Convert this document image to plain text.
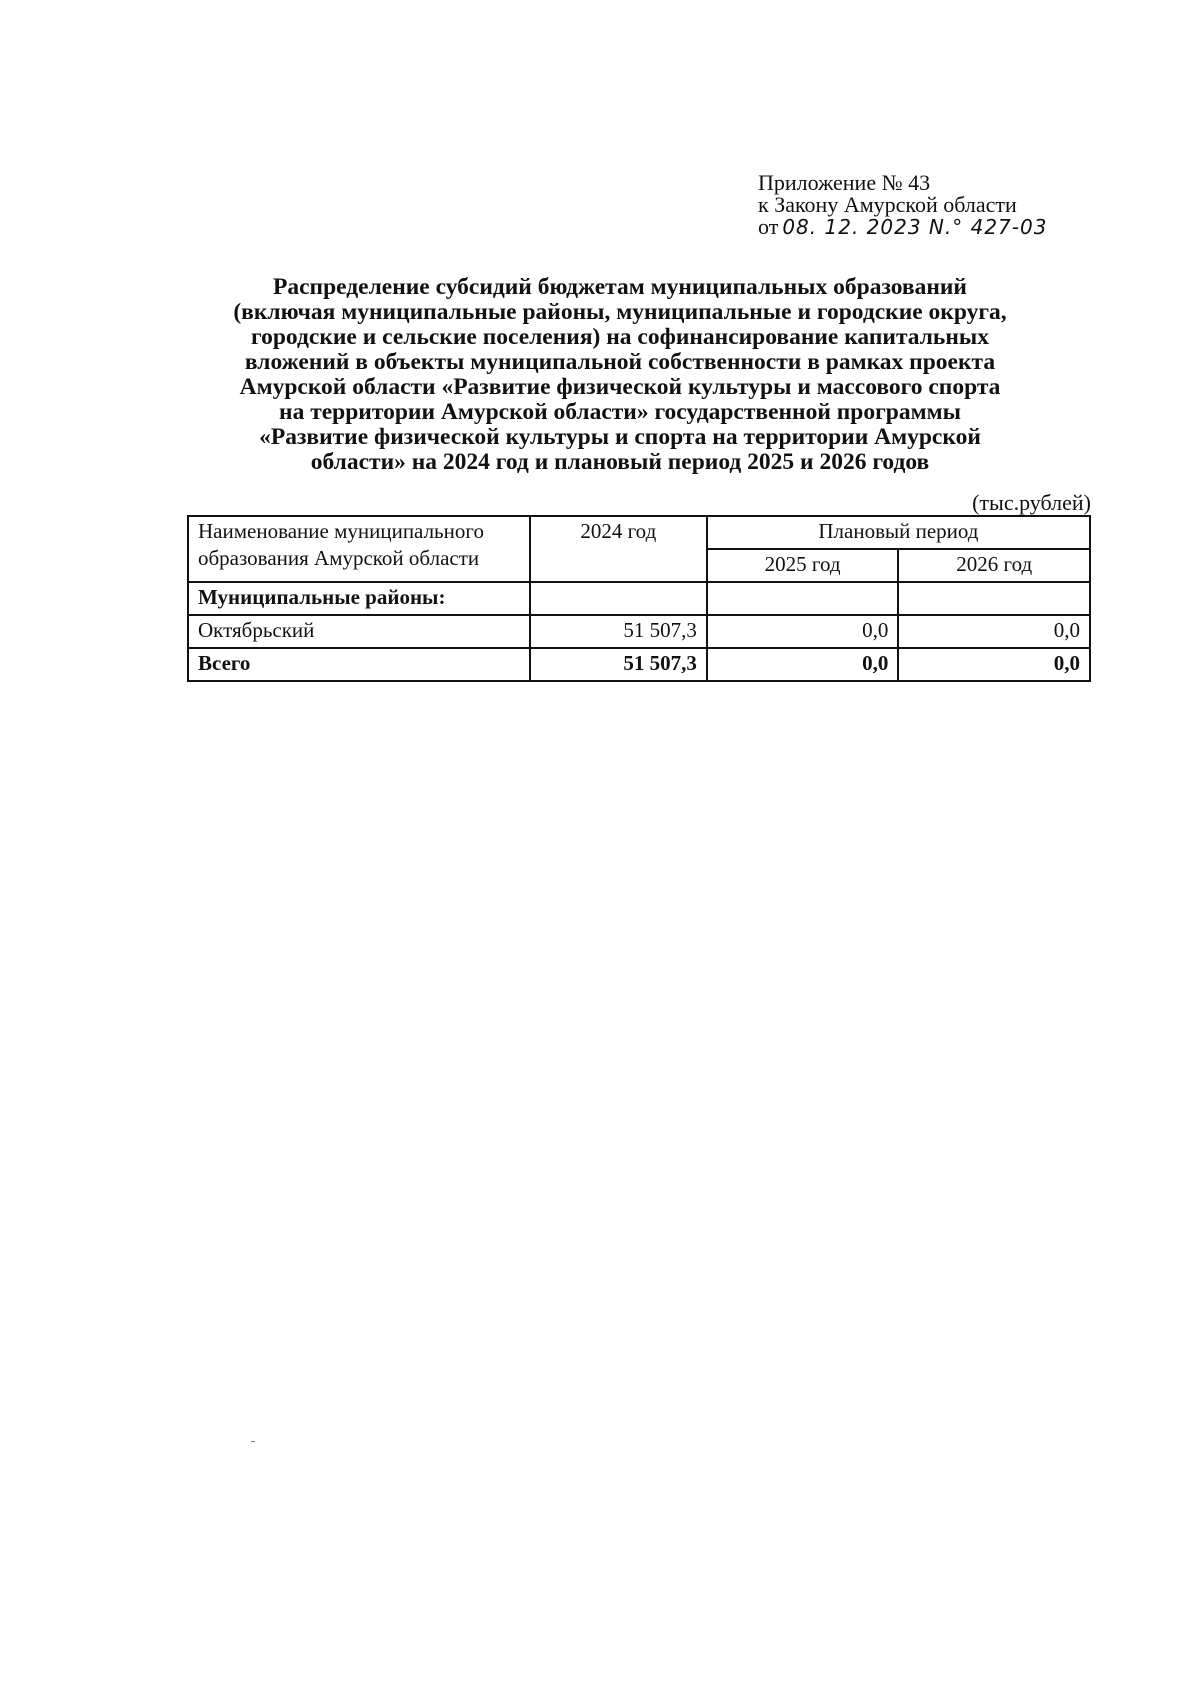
Приложение № 43
к Закону Амурской области
от 08. 12. 2023 N.° 427-03
Распределение субсидий бюджетам муниципальных образований
(включая муниципальные районы, муниципальные и городские округа,
городские и сельские поселения) на софинансирование капитальных
вложений в объекты муниципальной собственности в рамках проекта
Амурской области «Развитие физической культуры и массового спорта
на территории Амурской области» государственной программы
«Развитие физической культуры и спорта на территории Амурской
области» на 2024 год и плановый период 2025 и 2026 годов
(тыс.рублей)
Наименование муниципального
образования Амурской области	2024 год	Плановый период	
		2025 год	2026 год
Муниципальные районы:			
Октябрьский	51 507,3	0,0	0,0
Всего	51 507,3	0,0	0,0
